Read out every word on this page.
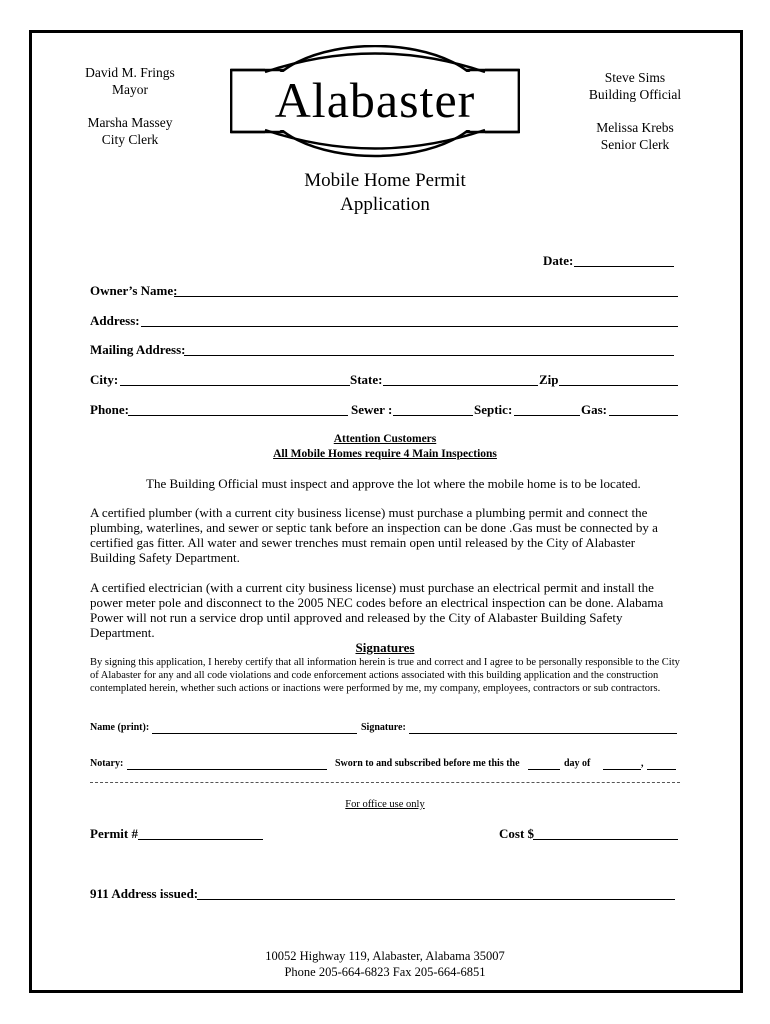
David M. Frings
Mayor
Marsha Massey
City Clerk
Alabaster	Steve Sims
Building Official
Melissa Krebs
Senior Clerk
Mobile Home Permit
Application
Date:
Owner’s Name:
Address:
Mailing Address:
City:	State:	Zip
Phone:	Sewer :	Septic:	Gas:
Attention Customers
All Mobile Homes require 4 Main Inspections
The Building Official must inspect and approve the lot where the mobile home is to be located.
A certified plumber (with a current city business license) must purchase a plumbing permit and connect the plumbing, waterlines, and sewer or septic tank before an inspection can be done .Gas must be connected by a certified gas fitter. All water and sewer trenches must remain open until released by the City of Alabaster Building Safety Department.
A certified electrician (with a current city business license) must purchase an electrical permit and install the power meter pole and disconnect to the 2005 NEC codes before an electrical inspection can be done. Alabama Power will not run a service drop until approved and released by the City of Alabaster Building Safety Department.
Signatures
By signing this application, I hereby certify that all information herein is true and correct and I agree to be personally responsible to the City of Alabaster for any and all code violations and code enforcement actions associated with this building application and the construction contemplated herein, whether such actions or inactions were performed by me, my company, employees, contractors or sub contractors.
Name (print):	Signature:
Notary:	Sworn to and subscribed before me this the	day of	,
For office use only
Permit #	Cost $
911 Address issued:
10052 Highway 119, Alabaster, Alabama 35007
Phone 205-664-6823 Fax 205-664-6851
